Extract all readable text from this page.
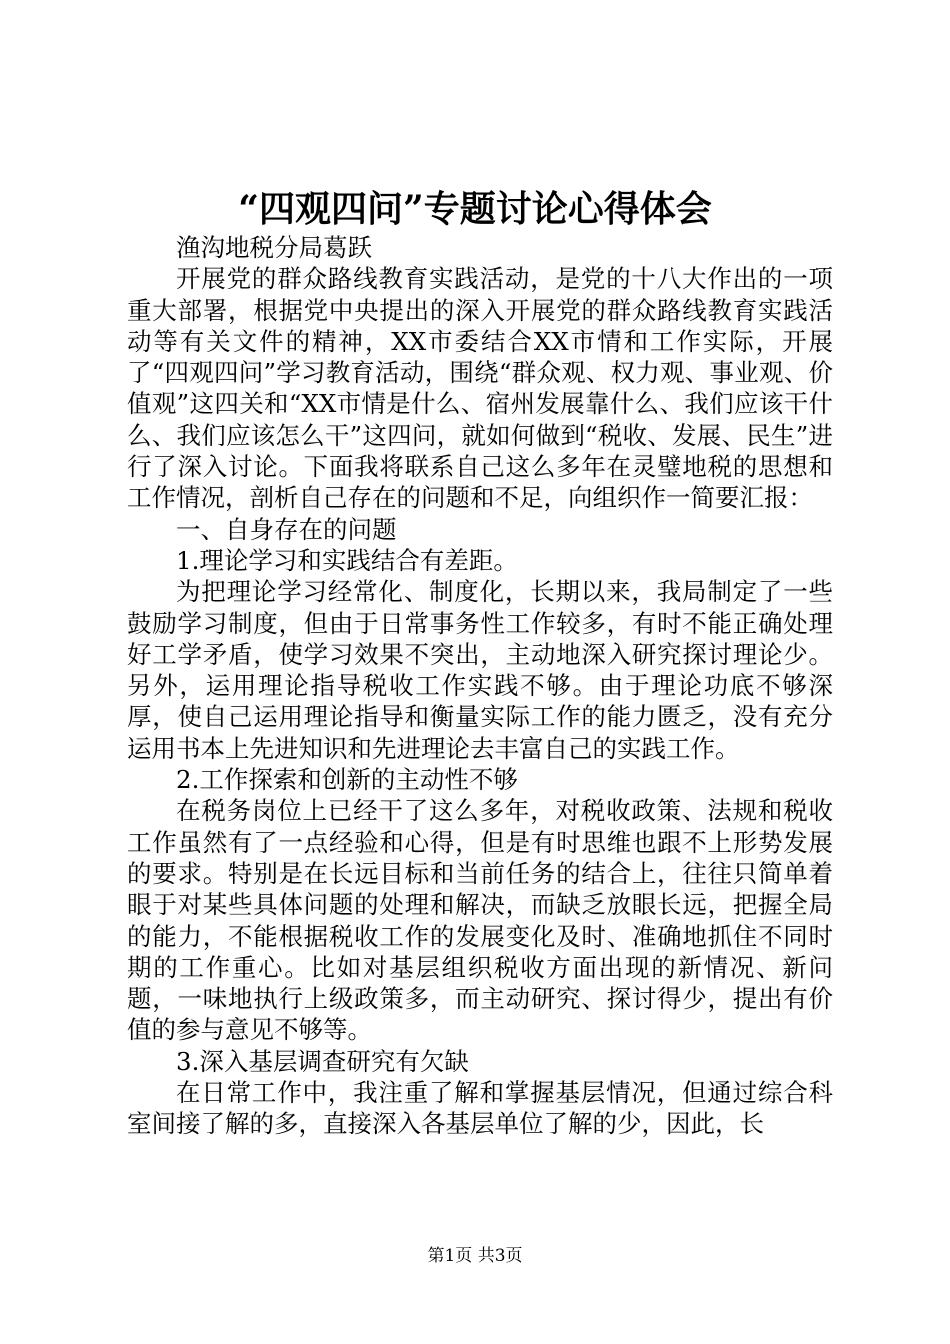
“四观四问”专题讨论心得体会

渔沟地税分局葛跃

开展党的群众路线教育实践活动，是党的十八大作出的一项重大部署，根据党中央提出的深入开展党的群众路线教育实践活动等有关文件的精神，XX市委结合XX市情和工作实际，开展了“四观四问”学习教育活动，围绕“群众观、权力观、事业观、价值观”这四关和“XX市情是什么、宿州发展靠什么、我们应该干什么、我们应该怎么干”这四问，就如何做到“税收、发展、民生”进行了深入讨论。下面我将联系自己这么多年在灵璧地税的思想和工作情况，剖析自己存在的问题和不足，向组织作一简要汇报：

一、自身存在的问题

1.理论学习和实践结合有差距。

为把理论学习经常化、制度化，长期以来，我局制定了一些鼓励学习制度，但由于日常事务性工作较多，有时不能正确处理好工学矛盾，使学习效果不突出，主动地深入研究探讨理论少。另外，运用理论指导税收工作实践不够。由于理论功底不够深厚，使自己运用理论指导和衡量实际工作的能力匮乏，没有充分运用书本上先进知识和先进理论去丰富自己的实践工作。

2.工作探索和创新的主动性不够

在税务岗位上已经干了这么多年，对税收政策、法规和税收工作虽然有了一点经验和心得，但是有时思维也跟不上形势发展的要求。特别是在长远目标和当前任务的结合上，往往只简单着眼于对某些具体问题的处理和解决，而缺乏放眼长远，把握全局的能力，不能根据税收工作的发展变化及时、准确地抓住不同时期的工作重心。比如对基层组织税收方面出现的新情况、新问题，一味地执行上级政策多，而主动研究、探讨得少，提出有价值的参与意见不够等。

3.深入基层调查研究有欠缺

在日常工作中，我注重了解和掌握基层情况，但通过综合科室间接了解的多，直接深入各基层单位了解的少，因此，长

第1页 共3页
